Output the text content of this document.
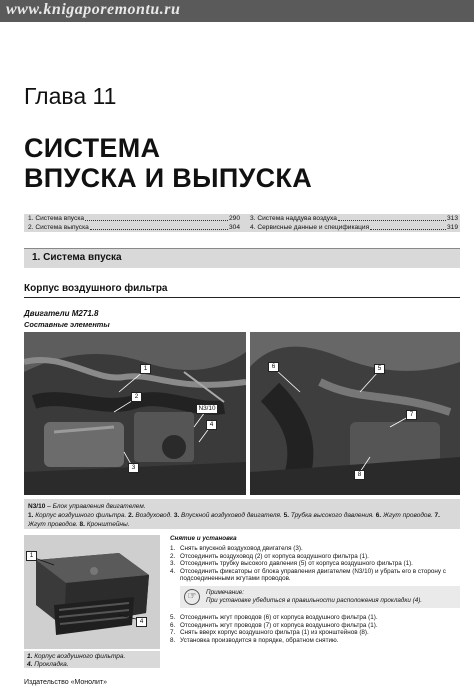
www.knigaporemontu.ru
Глава 11
СИСТЕМА
ВПУСКА И ВЫПУСКА
1.
Система впуска	290
2.
Система выпуска	304
3.
Система наддува воздуха	313
4.
Сервисные данные и спецификация	319
1. Система впуска
Корпус воздушного фильтра
Двигатели M271.8
Составные элементы
1
2
3
N3/10
4
6	5
7
8
N3/10 – Блок управления двигателем.
1. Корпус воздушного фильтра. 2. Воздуховод. 3. Впускной воздуховод двигателя. 5. Трубка высокого давления. 6. Жгут проводов. 7. Жгут проводов. 8. Кронштейны.
1
4
1. Корпус воздушного фильтра.
4. Прокладка.
Снятие и установка
1. Снять впускной воздуховод двигателя (3).
2. Отсоединить воздуховод (2) от корпуса воздушного фильтра (1).
3. Отсоединить трубку высокого давления (5) от корпуса воздушного фильтра (1).
4. Отсоединить фиксаторы от блока управления двигателем (N3/10) и убрать его в сторону с подсоединенными жгутами проводов.
☞	Примечание:
При установке убедиться в правильности расположения прокладки (4).
5. Отсоединить жгут проводов (6) от корпуса воздушного фильтра (1).
6. Отсоединить жгут проводов (7) от корпуса воздушного фильтра (1).
7. Снять вверх корпус воздушного фильтра (1) из кронштейнов (8).
8. Установка производится в порядке, обратном снятию.
Издательство «Монолит»
